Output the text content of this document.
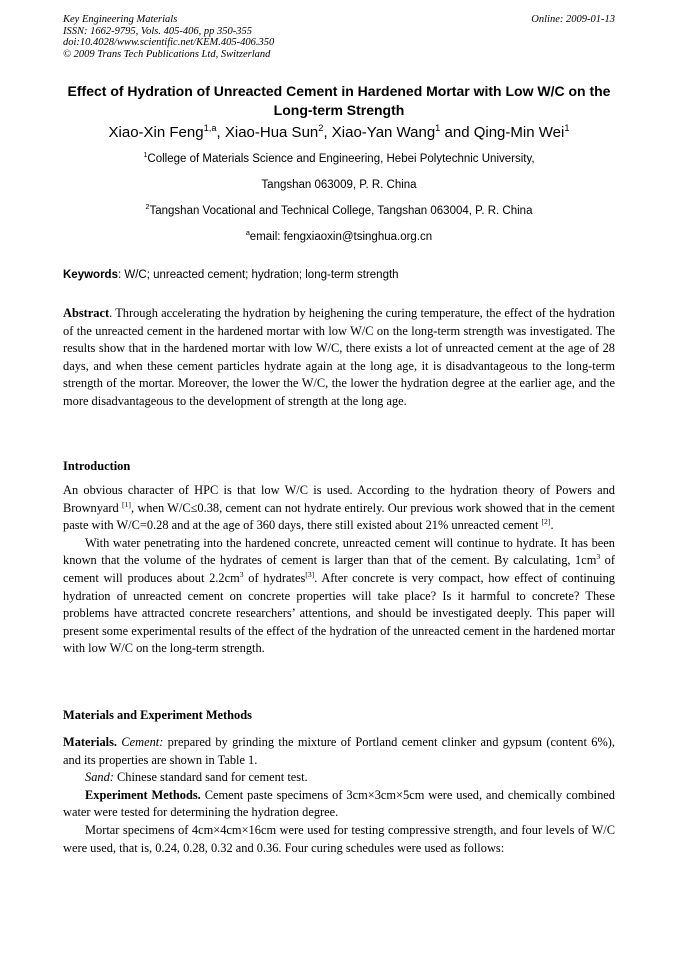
Key Engineering Materials
ISSN: 1662-9795, Vols. 405-406, pp 350-355
doi:10.4028/www.scientific.net/KEM.405-406.350
© 2009 Trans Tech Publications Ltd, Switzerland
Online: 2009-01-13
Effect of Hydration of Unreacted Cement in Hardened Mortar with Low W/C on the Long-term Strength
Xiao-Xin Feng$^{1,a}$, Xiao-Hua Sun$^2$, Xiao-Yan Wang$^1$ and Qing-Min Wei$^1$
$^1$College of Materials Science and Engineering, Hebei Polytechnic University,
Tangshan 063009, P. R. China
$^2$Tangshan Vocational and Technical College, Tangshan 063004, P. R. China
$^a$email: fengxiaoxin@tsinghua.org.cn
Keywords: W/C; unreacted cement; hydration; long-term strength

Abstract. Through accelerating the hydration by heighening the curing temperature, the effect of the hydration of the unreacted cement in the hardened mortar with low W/C on the long-term strength was investigated. The results show that in the hardened mortar with low W/C, there exists a lot of unreacted cement at the age of 28 days, and when these cement particles hydrate again at the long age, it is disadvantageous to the long-term strength of the mortar. Moreover, the lower the W/C, the lower the hydration degree at the earlier age, and the more disadvantageous to the development of strength at the long age.

Introduction

An obvious character of HPC is that low W/C is used. According to the hydration theory of Powers and Brownyard [1], when W/C≤0.38, cement can not hydrate entirely. Our previous work showed that in the cement paste with W/C=0.28 and at the age of 360 days, there still existed about 21% unreacted cement [2].

With water penetrating into the hardened concrete, unreacted cement will continue to hydrate. It has been known that the volume of the hydrates of cement is larger than that of the cement. By calculating, $1cm^3$ of cement will produces about $2.2cm^3$ of hydrates[3]. After concrete is very compact, how effect of continuing hydration of unreacted cement on concrete properties will take place? Is it harmful to concrete? These problems have attracted concrete researchers’ attentions, and should be investigated deeply. This paper will present some experimental results of the effect of the hydration of the unreacted cement in the hardened mortar with low W/C on the long-term strength.

Materials and Experiment Methods

Materials. Cement: prepared by grinding the mixture of Portland cement clinker and gypsum (content 6%), and its properties are shown in Table 1.

Sand: Chinese standard sand for cement test.

Experiment Methods. Cement paste specimens of 3cm×3cm×5cm were used, and chemically combined water were tested for determining the hydration degree.

Mortar specimens of 4cm×4cm×16cm were used for testing compressive strength, and four levels of W/C were used, that is, 0.24, 0.28, 0.32 and 0.36. Four curing schedules were used as follows:
